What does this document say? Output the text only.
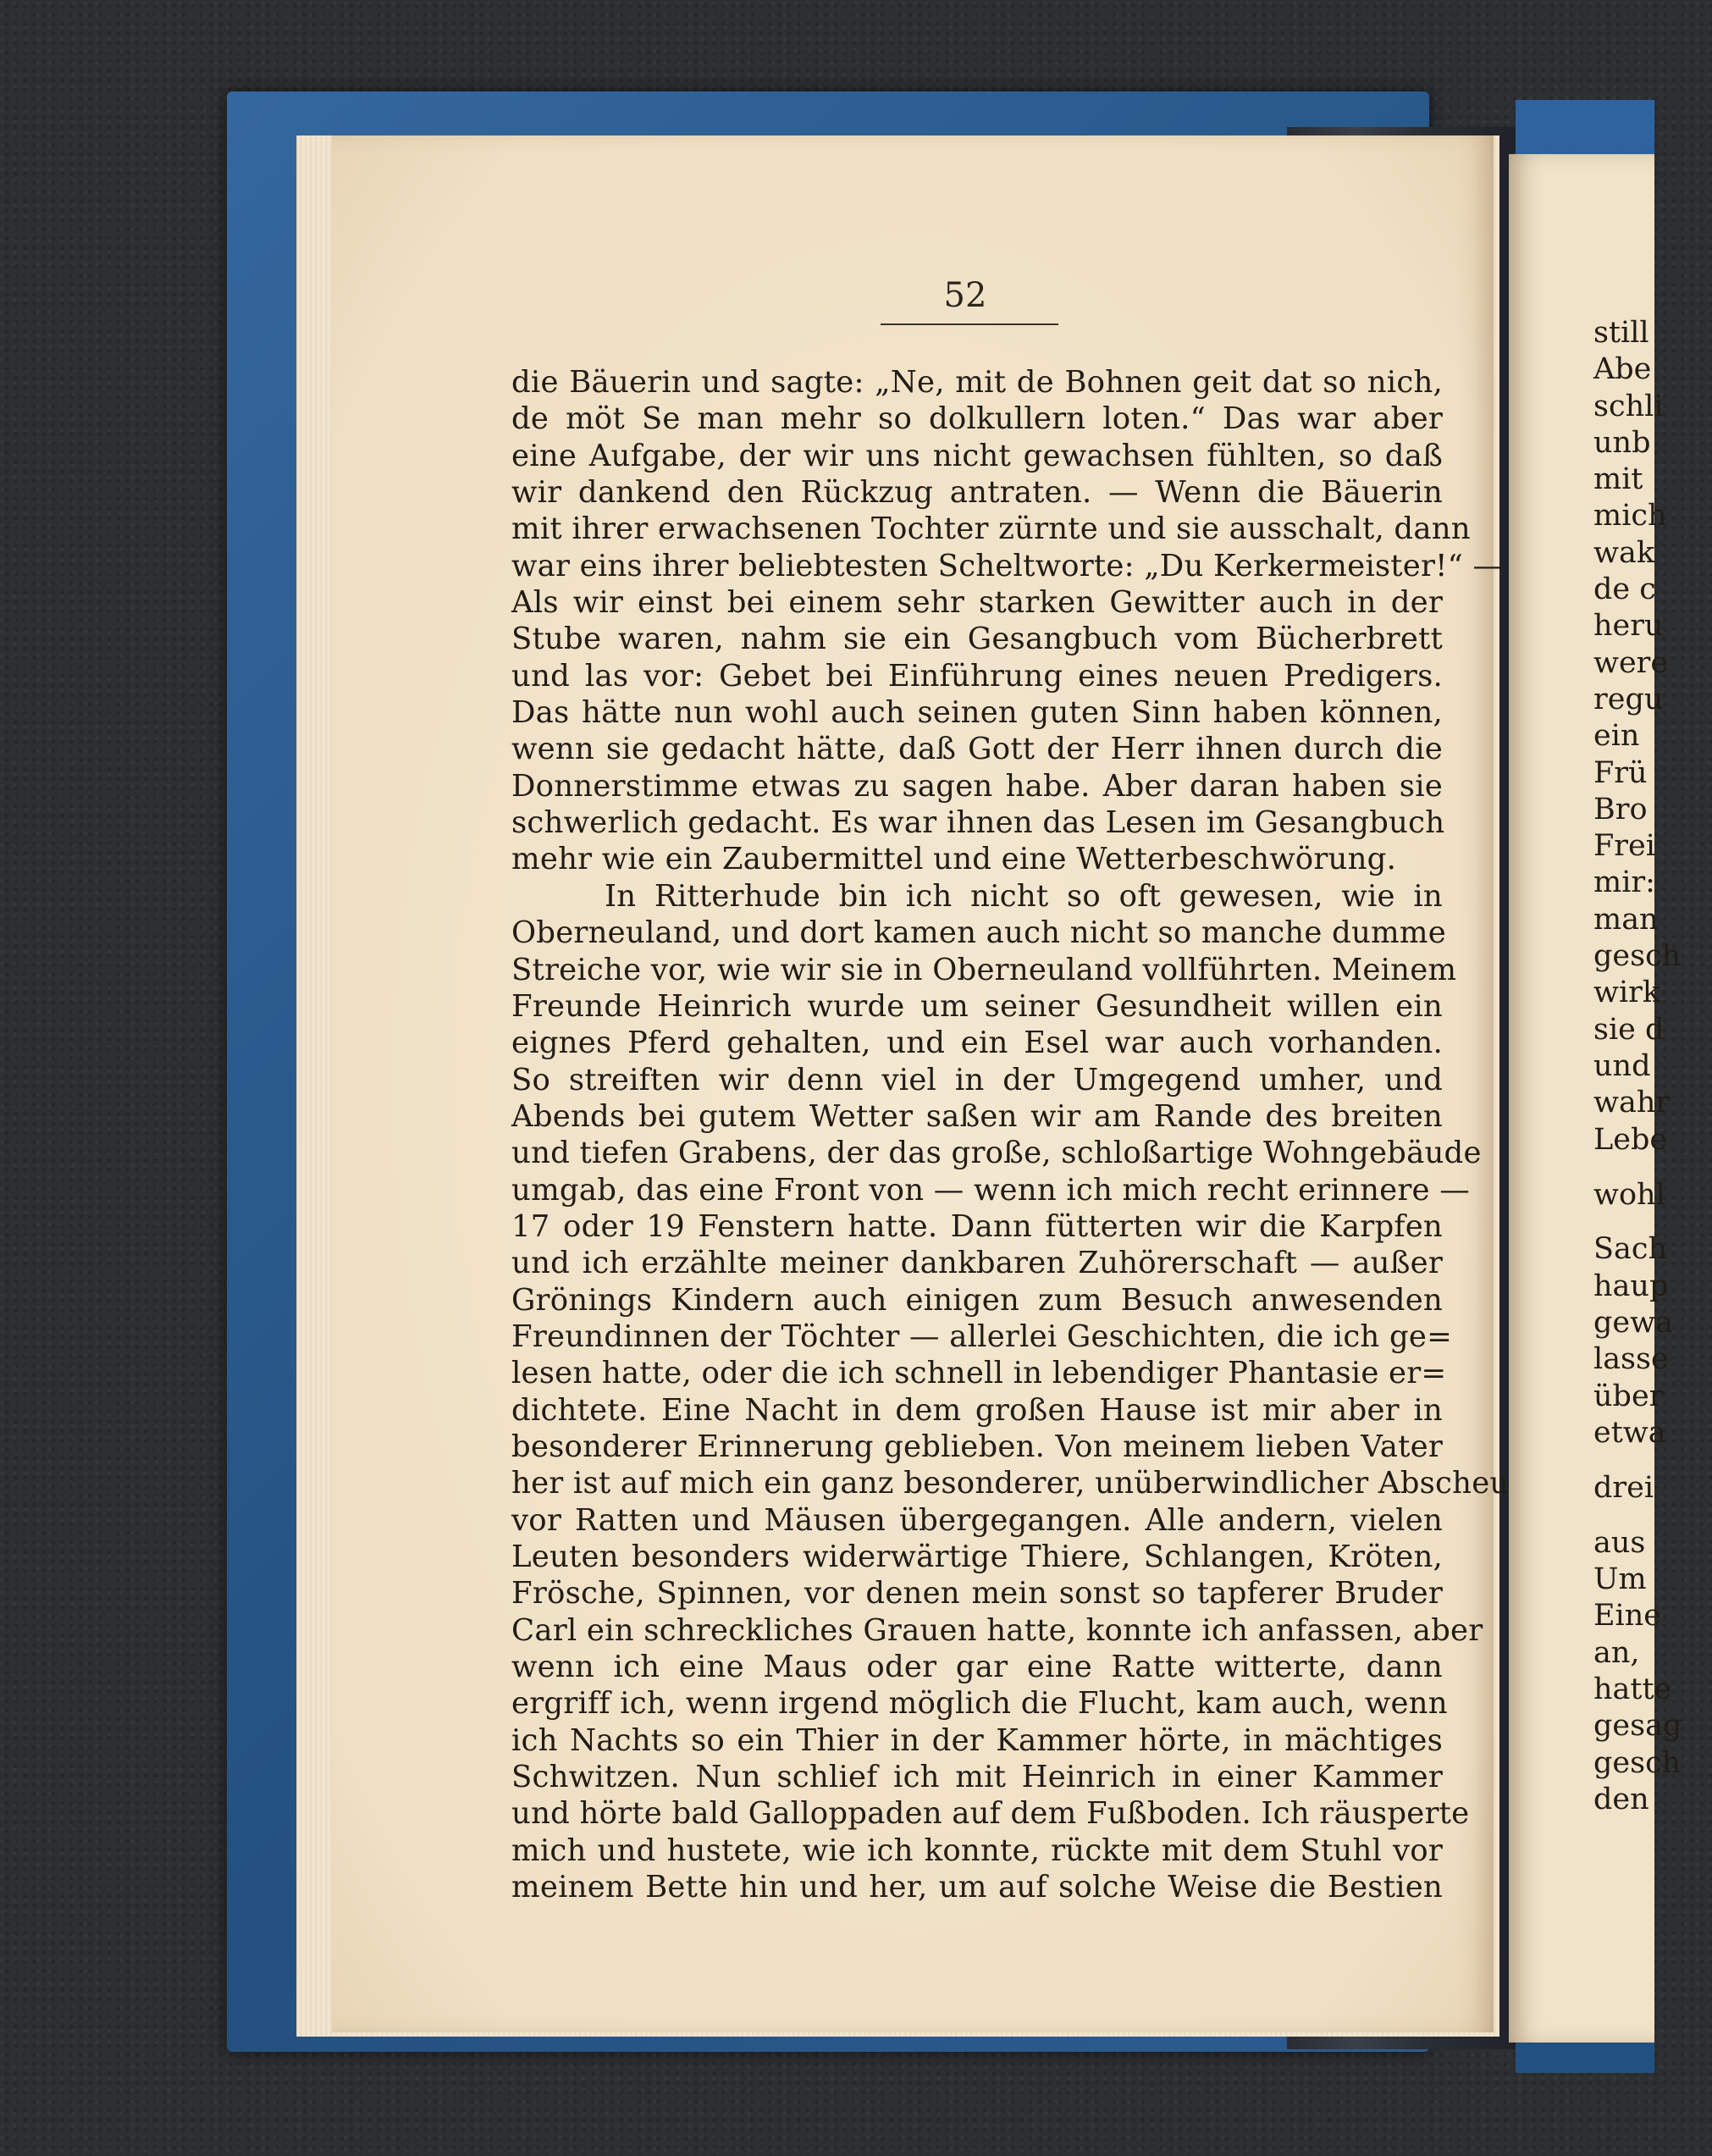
52
die Bäuerin und sagte: „Ne, mit de Bohnen geit dat so nich,
de möt Se man mehr so dolkullern loten.“ Das war aber
eine Aufgabe, der wir uns nicht gewachsen fühlten, so daß
wir dankend den Rückzug antraten. — Wenn die Bäuerin
mit ihrer erwachsenen Tochter zürnte und sie ausschalt, dann
war eins ihrer beliebtesten Scheltworte: „Du Kerkermeister!“ —
Als wir einst bei einem sehr starken Gewitter auch in der
Stube waren, nahm sie ein Gesangbuch vom Bücherbrett
und las vor: Gebet bei Einführung eines neuen Predigers.
Das hätte nun wohl auch seinen guten Sinn haben können,
wenn sie gedacht hätte, daß Gott der Herr ihnen durch die
Donnerstimme etwas zu sagen habe. Aber daran haben sie
schwerlich gedacht. Es war ihnen das Lesen im Gesangbuch
mehr wie ein Zaubermittel und eine Wetterbeschwörung.
In Ritterhude bin ich nicht so oft gewesen, wie in
Oberneuland, und dort kamen auch nicht so manche dumme
Streiche vor, wie wir sie in Oberneuland vollführten. Meinem
Freunde Heinrich wurde um seiner Gesundheit willen ein
eignes Pferd gehalten, und ein Esel war auch vorhanden.
So streiften wir denn viel in der Umgegend umher, und
Abends bei gutem Wetter saßen wir am Rande des breiten
und tiefen Grabens, der das große, schloßartige Wohngebäude
umgab, das eine Front von — wenn ich mich recht erinnere —
17 oder 19 Fenstern hatte. Dann fütterten wir die Karpfen
und ich erzählte meiner dankbaren Zuhörerschaft — außer
Grönings Kindern auch einigen zum Besuch anwesenden
Freundinnen der Töchter — allerlei Geschichten, die ich ge=
lesen hatte, oder die ich schnell in lebendiger Phantasie er=
dichtete. Eine Nacht in dem großen Hause ist mir aber in
besonderer Erinnerung geblieben. Von meinem lieben Vater
her ist auf mich ein ganz besonderer, unüberwindlicher Abscheu
vor Ratten und Mäusen übergegangen. Alle andern, vielen
Leuten besonders widerwärtige Thiere, Schlangen, Kröten,
Frösche, Spinnen, vor denen mein sonst so tapferer Bruder
Carl ein schreckliches Grauen hatte, konnte ich anfassen, aber
wenn ich eine Maus oder gar eine Ratte witterte, dann
ergriff ich, wenn irgend möglich die Flucht, kam auch, wenn
ich Nachts so ein Thier in der Kammer hörte, in mächtiges
Schwitzen. Nun schlief ich mit Heinrich in einer Kammer
und hörte bald Galloppaden auf dem Fußboden. Ich räusperte
mich und hustete, wie ich konnte, rückte mit dem Stuhl vor
meinem Bette hin und her, um auf solche Weise die Bestien
still
Abe
schli
unb
mit
mich
wak
de c
heru
were
regu
ein
Frü
Bro
Frei
mir:
man
gesch
wirk
sie d
und
wahr
Lebe
wohl
Sach
haup
gewa
lasse
über
etwa
drei
aus
Um
Eine
an,
hatte
gesag
gesch
den
